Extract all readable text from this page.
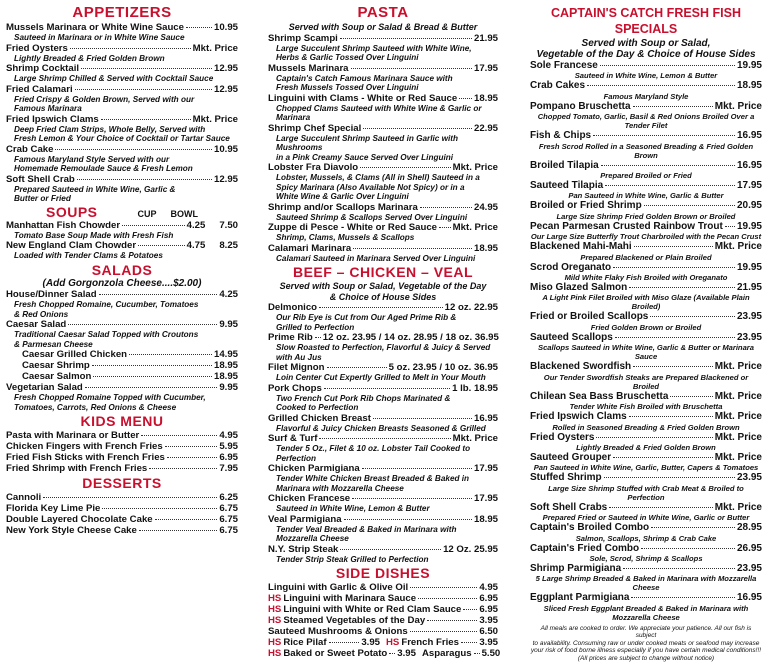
APPETIZERS
Mussels Marinara or White Wine Sauce	10.95
Sauteed in Marinara or in White Wine Sauce
Fried Oysters	Mkt. Price
Lightly Breaded & Fried Golden Brown
Shrimp Cocktail	12.95
Large Shrimp Chilled & Served with Cocktail Sauce
Fried Calamari	12.95
Fried Crispy & Golden Brown, Served with our
Famous Marinara
Fried Ipswich Clams	Mkt. Price
Deep Fried Clam Strips, Whole Belly, Served with
Fresh Lemon & Your Choice of Cocktail or Tartar Sauce
Crab Cake	10.95
Famous Maryland Style Served with our
Homemade Remoulade Sauce & Fresh Lemon
Soft Shell Crab	12.95
Prepared Sauteed in White Wine, Garlic &
Butter or Fried
SOUPS	CUP BOWL
Manhattan Fish Chowder	4.25 7.50
Tomato Base Soup Made with Fresh Fish
New England Clam Chowder	4.75 8.25
Loaded with Tender Clams & Potatoes
SALADS
(Add Gorgonzola Cheese....$2.00)
House/Dinner Salad	4.25
Fresh Chopped Romaine, Cucumber, Tomatoes
& Red Onions
Caesar Salad	9.95
Traditional Caesar Salad Topped with Croutons
& Parmesan Cheese
Caesar Grilled Chicken	14.95
Caesar Shrimp	18.95
Caesar Salmon	18.95
Vegetarian Salad	9.95
Fresh Chopped Romaine Topped with Cucumber,
Tomatoes, Carrots, Red Onions & Cheese
KIDS MENU
Pasta with Marinara or Butter	4.95
Chicken Fingers with French Fries	5.95
Fried Fish Sticks with French Fries	6.95
Fried Shrimp with French Fries	7.95
DESSERTS
Cannoli	6.25
Florida Key Lime Pie	6.75
Double Layered Chocolate Cake	6.75
New York Style Cheese Cake	6.75
PASTA
Served with Soup or Salad & Bread & Butter
Shrimp Scampi	21.95
Large Succulent Shrimp Sauteed with White Wine,
Herbs & Garlic Tossed Over Linguini
Mussels Marinara	17.95
Captain's Catch Famous Marinara Sauce with
Fresh Mussels Tossed Over Linguini
Linguini with Clams - White or Red Sauce 18.95
Chopped Clams Sauteed with White Wine & Garlic or Marinara
Shrimp Chef Special	22.95
Large Succulent Shrimp Sauteed in Garlic with Mushrooms
in a Pink Creamy Sauce Served Over Linguini
Lobster Fra Diavolo	Mkt. Price
Lobster, Mussels, & Clams (All in Shell) Sauteed in a
Spicy Marinara (Also Available Not Spicy) or in a
White Wine & Garlic Over Linguini
Shrimp and/or Scallops Marinara	24.95
Sauteed Shrimp & Scallops Served Over Linguini
Zuppe di Pesce - White or Red Sauce Mkt. Price
Shrimp, Clams, Mussels & Scallops
Calamari Marinara	18.95
Calamari Sauteed in Marinara Served Over Linguini
BEEF – CHICKEN – VEAL
Served with Soup or Salad, Vegetable of the Day
& Choice of House Sides
Delmonico	12 oz. 22.95
Our Rib Eye is Cut from Our Aged Prime Rib &
Grilled to Perfection
Prime Rib 12 oz. 23.95 / 14 oz. 28.95 / 18 oz. 36.95
Slow Roasted to Perfection, Flavorful & Juicy & Served with Au Jus
Filet Mignon	5 oz. 23.95 / 10 oz. 36.95
Loin Center Cut Expertly Grilled to Melt in Your Mouth
Pork Chops	1 lb. 18.95
Two French Cut Pork Rib Chops Marinated &
Cooked to Perfection
Grilled Chicken Breast	16.95
Flavorful & Juicy Chicken Breasts Seasoned & Grilled
Surf & Turf	Mkt. Price
Tender 5 Oz., Filet & 10 oz. Lobster Tail Cooked to Perfection
Chicken Parmigiana	17.95
Tender White Chicken Breast Breaded & Baked in
Marinara with Mozzarella Cheese
Chicken Francese	17.95
Sauteed in White Wine, Lemon & Butter
Veal Parmigiana	18.95
Tender Veal Breaded & Baked in Marinara with
Mozzarella Cheese
N.Y. Strip Steak	12 Oz. 25.95
Tender Strip Steak Grilled to Perfection
SIDE DISHES
Linguini with Garlic & Olive Oil	4.95
HS Linguini with Marinara Sauce	6.95
HS Linguini with White or Red Clam Sauce 6.95
HS Steamed Vegetables of the Day	3.95
Sauteed Mushrooms & Onions	6.50
HS Rice Pilaf	3.95 HS French Fries 3.95
HS Baked or Sweet Potato 3.95 Asparagus 5.50
CAPTAIN'S CATCH FRESH FISH SPECIALS
Served with Soup or Salad,
Vegetable of the Day & Choice of House Sides
Sole Francese	19.95
Sauteed in White Wine, Lemon & Butter
Crab Cakes	18.95
Famous Maryland Style
Pompano Bruschetta	Mkt. Price
Chopped Tomato, Garlic, Basil & Red Onions Broiled Over a Tender Filet
Fish & Chips	16.95
Fresh Scrod Rolled in a Seasoned Breading & Fried Golden Brown
Broiled Tilapia	16.95
Prepared Broiled or Fried
Sauteed Tilapia	17.95
Pan Sauteed in White Wine, Garlic & Butter
Broiled or Fried Shrimp	20.95
Large Size Shrimp Fried Golden Brown or Broiled
Pecan Parmesan Crusted Rainbow Trout 19.95
Our Large Size Butterfly Trout Charbroiled with the Pecan Crust
Blackened Mahi-Mahi	Mkt. Price
Prepared Blackened or Plain Broiled
Scrod Oreganato	19.95
Mild White Flaky Fish Broiled with Oreganato
Miso Glazed Salmon	21.95
A Light Pink Filet Broiled with Miso Glaze (Available Plain Broiled)
Fried or Broiled Scallops	23.95
Fried Golden Brown or Broiled
Sauteed Scallops	23.95
Scallops Sauteed in White Wine, Garlic & Butter or Marinara Sauce
Blackened Swordfish	Mkt. Price
Our Tender Swordfish Steaks are Prepared Blackened or Broiled
Chilean Sea Bass Bruschetta	Mkt. Price
Tender White Fish Broiled with Bruschetta
Fried Ipswich Clams	Mkt. Price
Rolled in Seasoned Breading & Fried Golden Brown
Fried Oysters	Mkt. Price
Lightly Breaded & Fried Golden Brown
Sauteed Grouper	Mkt. Price
Pan Sauteed in White Wine, Garlic, Butter, Capers & Tomatoes
Stuffed Shrimp	23.95
Large Size Shrimp Stuffed with Crab Meat & Broiled to Perfection
Soft Shell Crabs	Mkt. Price
Prepared Fried or Sauteed in White Wine, Garlic or Butter
Captain's Broiled Combo	28.95
Salmon, Scallops, Shrimp & Crab Cake
Captain's Fried Combo	26.95
Sole, Scrod, Shrimp & Scallops
Shrimp Parmigiana	23.95
5 Large Shrimp Breaded & Baked in Marinara with Mozzarella Cheese
Eggplant Parmigiana	16.95
Sliced Fresh Eggplant Breaded & Baked in Marinara with Mozzarella Cheese
All meals are cooked to order. We appreciate your patience. All our fish is subject
to availability. Consuming raw or under cooked meats or seafood may increase
your risk of food borne illness especially if you have certain medical conditions!!!
(All prices are subject to change without notice)
